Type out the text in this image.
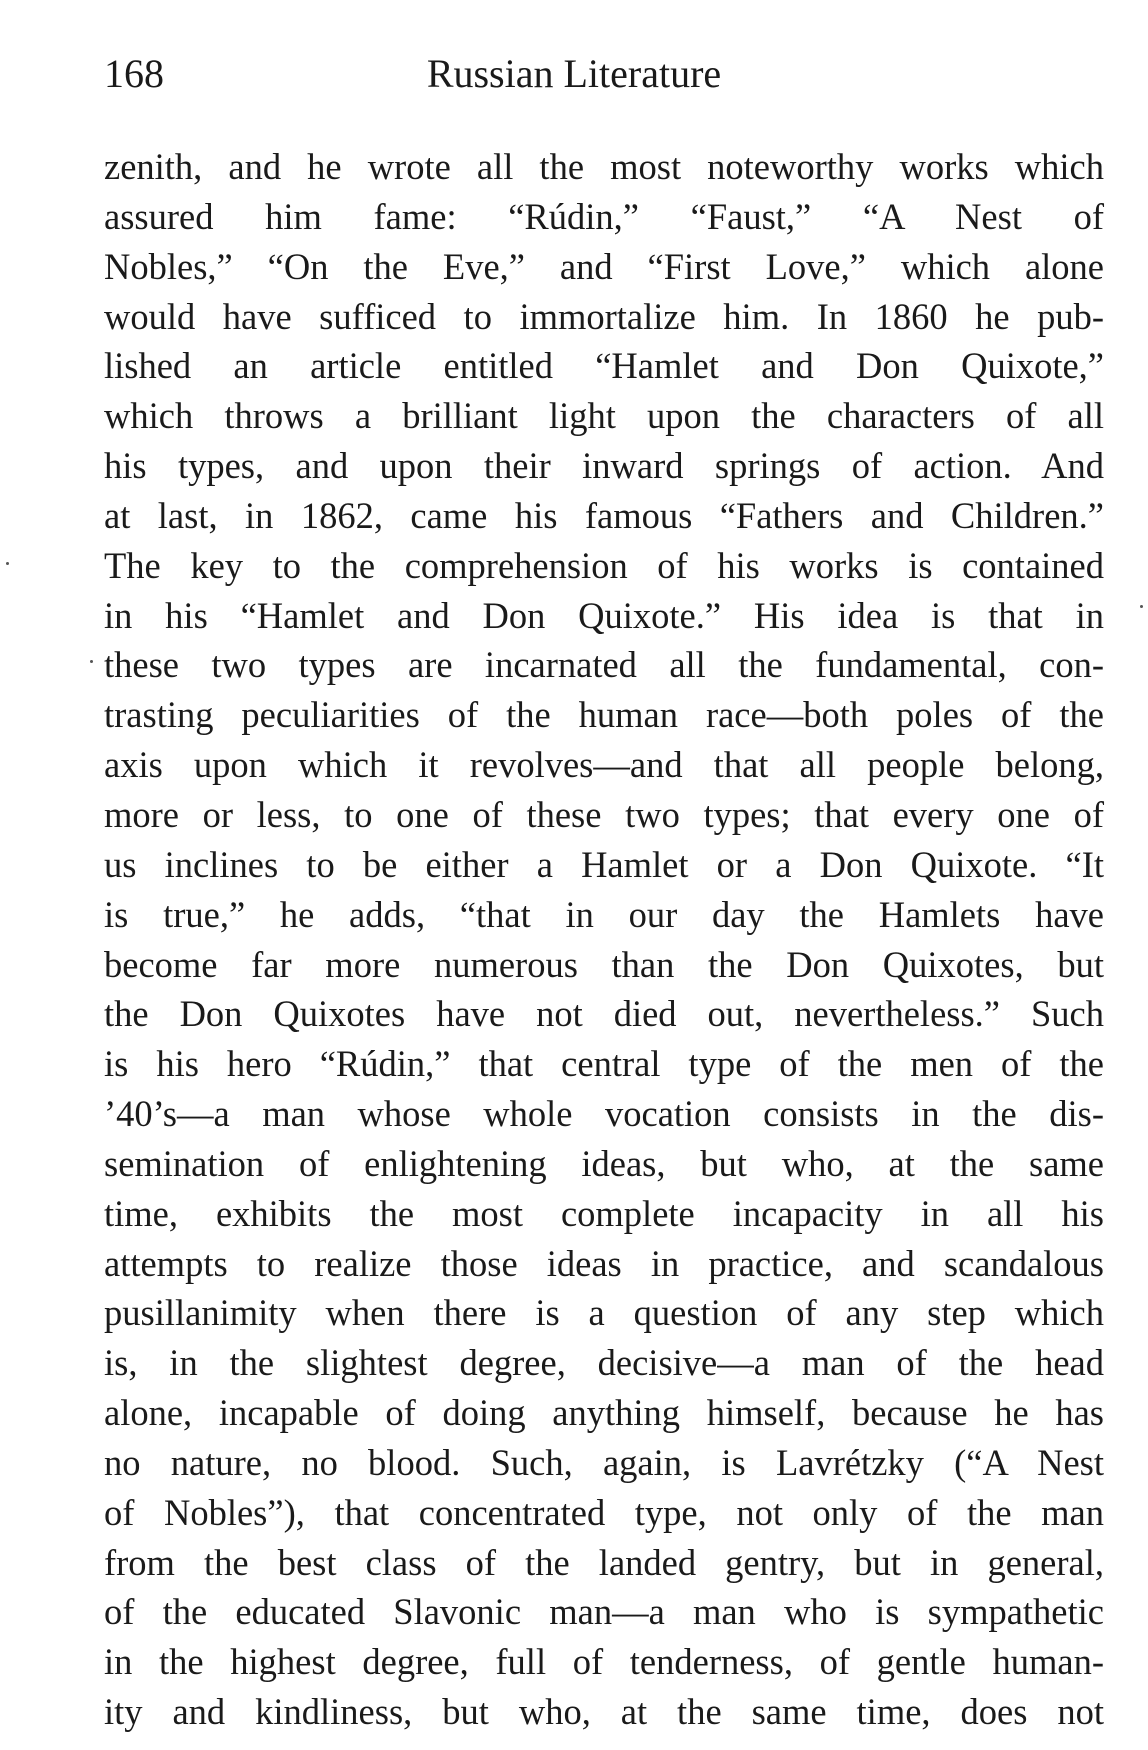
168	Russian Literature
zenith, and he wrote all the most noteworthy works which
assured him fame: “Rúdin,” “Faust,” “A Nest of
Nobles,” “On the Eve,” and “First Love,” which alone
would have sufficed to immortalize him. In 1860 he pub-
lished an article entitled “Hamlet and Don Quixote,”
which throws a brilliant light upon the characters of all
his types, and upon their inward springs of action. And
at last, in 1862, came his famous “Fathers and Children.”
The key to the comprehension of his works is contained
in his “Hamlet and Don Quixote.” His idea is that in
these two types are incarnated all the fundamental, con-
trasting peculiarities of the human race—both poles of the
axis upon which it revolves—and that all people belong,
more or less, to one of these two types; that every one of
us inclines to be either a Hamlet or a Don Quixote. “It
is true,” he adds, “that in our day the Hamlets have
become far more numerous than the Don Quixotes, but
the Don Quixotes have not died out, nevertheless.” Such
is his hero “Rúdin,” that central type of the men of the
’40’s—a man whose whole vocation consists in the dis-
semination of enlightening ideas, but who, at the same
time, exhibits the most complete incapacity in all his
attempts to realize those ideas in practice, and scandalous
pusillanimity when there is a question of any step which
is, in the slightest degree, decisive—a man of the head
alone, incapable of doing anything himself, because he has
no nature, no blood. Such, again, is Lavrétzky (“A Nest
of Nobles”), that concentrated type, not only of the man
from the best class of the landed gentry, but in general,
of the educated Slavonic man—a man who is sympathetic
in the highest degree, full of tenderness, of gentle human-
ity and kindliness, but who, at the same time, does not
